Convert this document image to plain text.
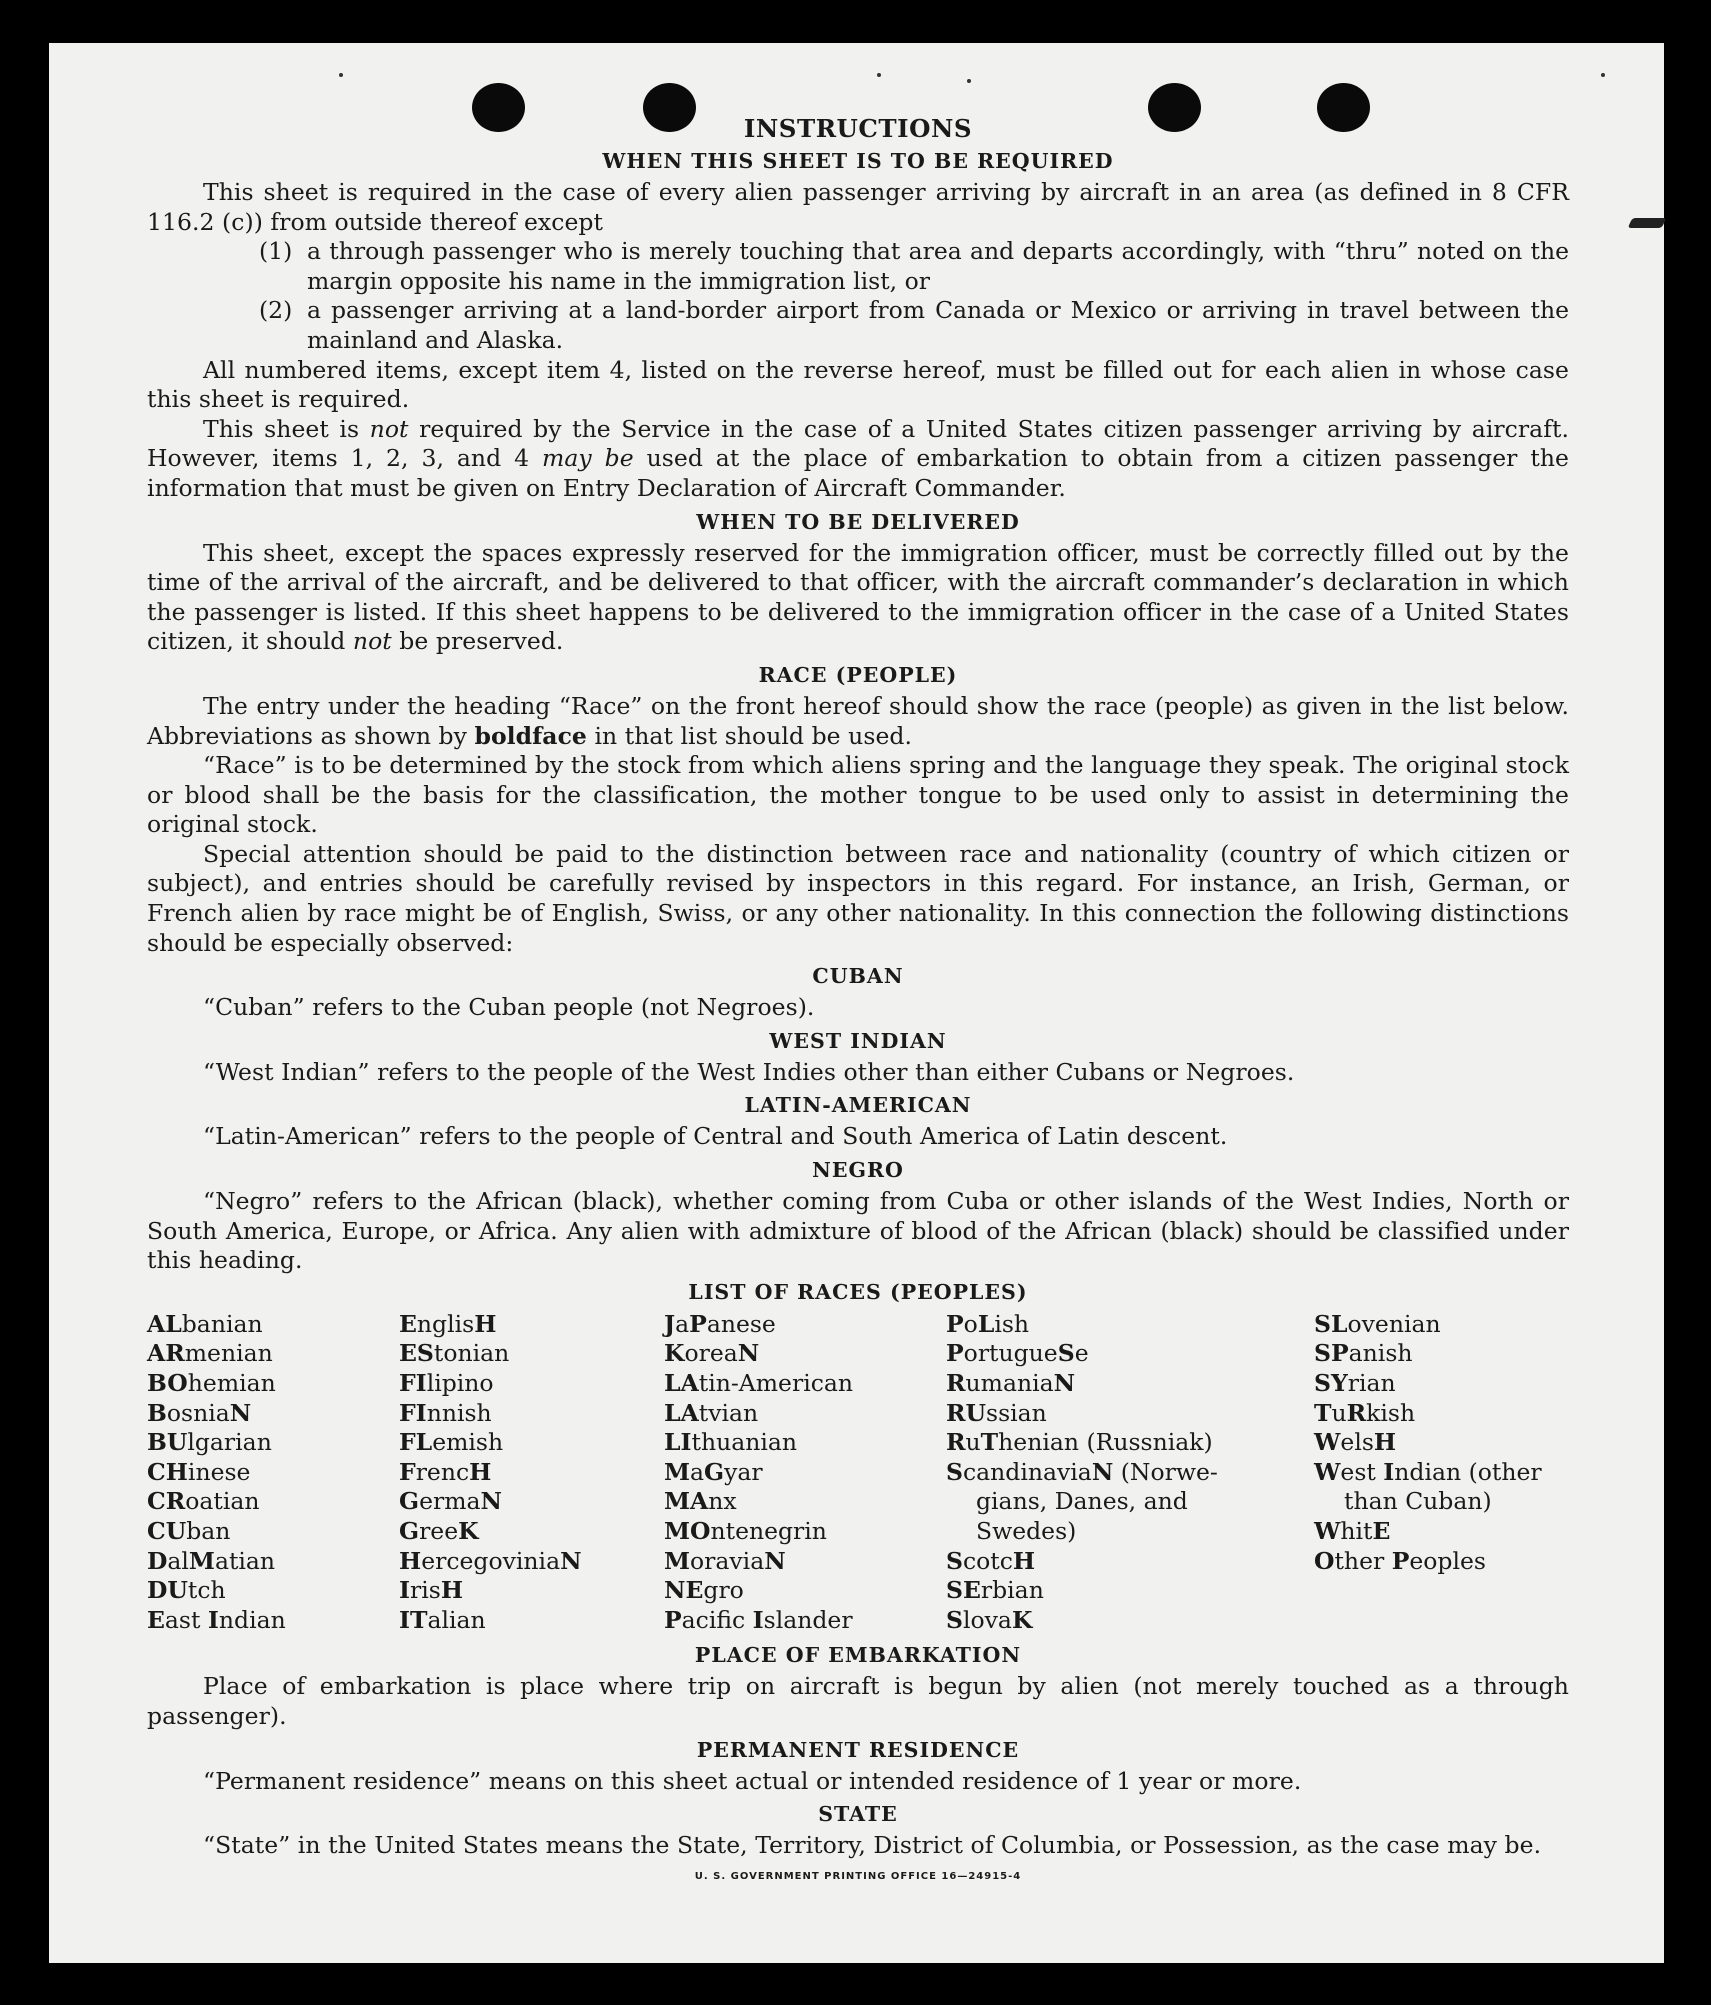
INSTRUCTIONS
WHEN THIS SHEET IS TO BE REQUIRED

This sheet is required in the case of every alien passenger arriving by aircraft in an area (as defined in 8 CFR 116.2 (c)) from outside thereof except

(1) a through passenger who is merely touching that area and departs accordingly, with “thru” noted on the margin opposite his name in the immigration list, or
(2) a passenger arriving at a land-border airport from Canada or Mexico or arriving in travel between the mainland and Alaska.

All numbered items, except item 4, listed on the reverse hereof, must be filled out for each alien in whose case this sheet is required.

This sheet is not required by the Service in the case of a United States citizen passenger arriving by aircraft. However, items 1, 2, 3, and 4 may be used at the place of embarkation to obtain from a citizen passenger the information that must be given on Entry Declaration of Aircraft Commander.

WHEN TO BE DELIVERED

This sheet, except the spaces expressly reserved for the immigration officer, must be correctly filled out by the time of the arrival of the aircraft, and be delivered to that officer, with the aircraft commander’s declaration in which the passenger is listed. If this sheet happens to be delivered to the immigration officer in the case of a United States citizen, it should not be preserved.

RACE (PEOPLE)

The entry under the heading “Race” on the front hereof should show the race (people) as given in the list below. Abbreviations as shown by boldface in that list should be used.

“Race” is to be determined by the stock from which aliens spring and the language they speak. The original stock or blood shall be the basis for the classification, the mother tongue to be used only to assist in determining the original stock.

Special attention should be paid to the distinction between race and nationality (country of which citizen or subject), and entries should be carefully revised by inspectors in this regard. For instance, an Irish, German, or French alien by race might be of English, Swiss, or any other nationality. In this connection the following distinctions should be especially observed:

CUBAN

“Cuban” refers to the Cuban people (not Negroes).

WEST INDIAN

“West Indian” refers to the people of the West Indies other than either Cubans or Negroes.

LATIN-AMERICAN

“Latin-American” refers to the people of Central and South America of Latin descent.

NEGRO

“Negro” refers to the African (black), whether coming from Cuba or other islands of the West Indies, North or South America, Europe, or Africa. Any alien with admixture of blood of the African (black) should be classified under this heading.

LIST OF RACES (PEOPLES)
ALbanian
ARmenian
BOhemian
BosniaN
BUlgarian
CHinese
CRoatian
CUban
DalMatian
DUtch
East Indian
EnglisH
EStonian
FIlipino
FInnish
FLemish
FrencH
GermaN
GreeK
HercegoviniaN
IrisH
ITalian
JaPanese
KoreaN
LAtin-American
LAtvian
LIthuanian
MaGyar
MAnx
MOntenegrin
MoraviaN
NEgro
Pacific Islander
PoLish
PortugueSe
RumaniaN
RUssian
RuThenian (Russniak)
ScandinaviaN (Norwe-
gians, Danes, and
Swedes)
ScotcH
SErbian
SlovaK
SLovenian
SPanish
SYrian
TuRkish
WelsH
West Indian (other
than Cuban)
WhitE
Other Peoples
PLACE OF EMBARKATION

Place of embarkation is place where trip on aircraft is begun by alien (not merely touched as a through passenger).

PERMANENT RESIDENCE

“Permanent residence” means on this sheet actual or intended residence of 1 year or more.

STATE

“State” in the United States means the State, Territory, District of Columbia, or Possession, as the case may be.

U. S. GOVERNMENT PRINTING OFFICE 16—24915-4
